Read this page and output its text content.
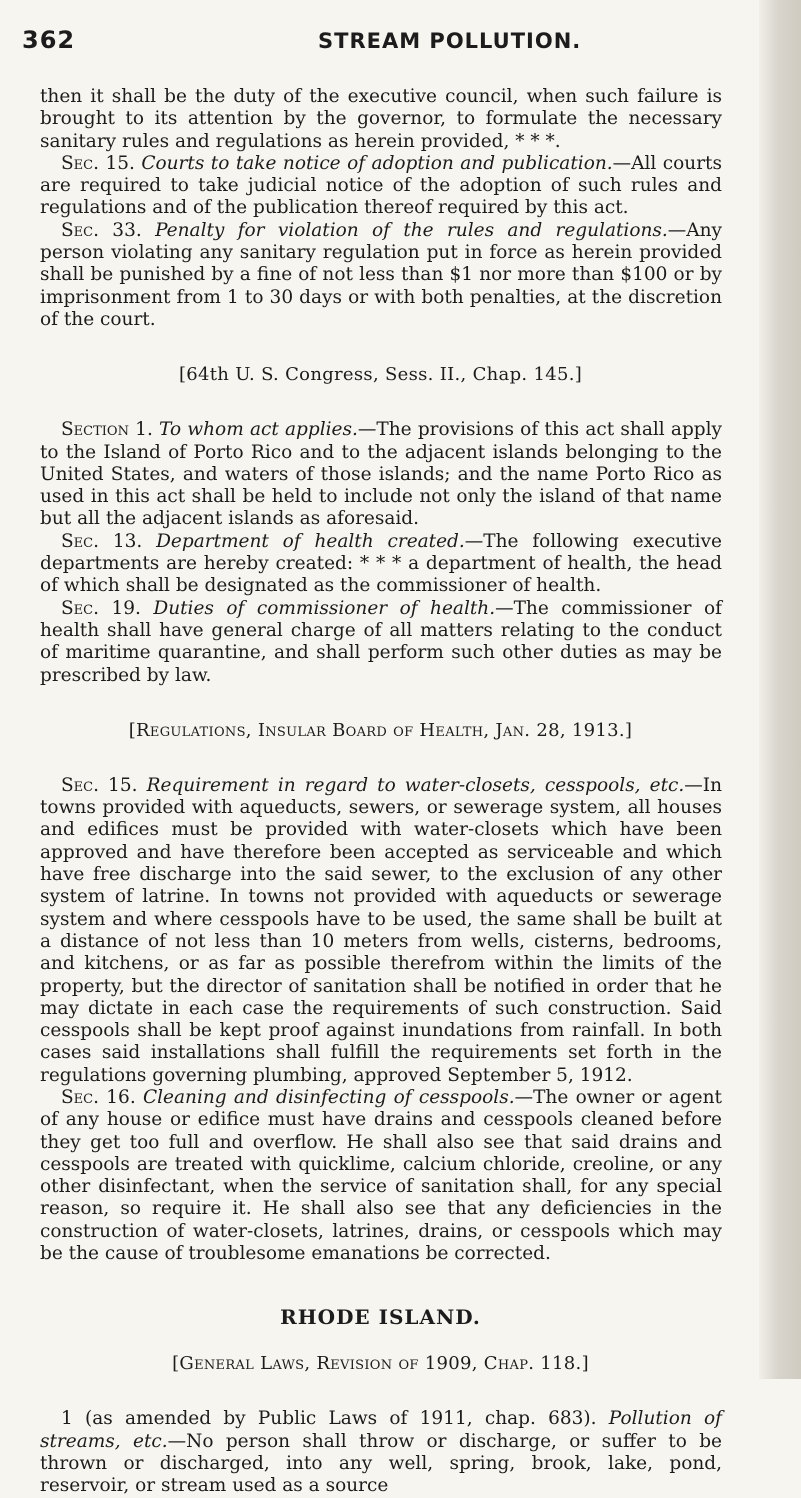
362	STREAM POLLUTION.

then it shall be the duty of the executive council, when such failure is brought to its attention by the governor, to formulate the necessary sanitary rules and regulations as herein provided, * * *.

Sec. 15. Courts to take notice of adoption and publication.—All courts are required to take judicial notice of the adoption of such rules and regulations and of the publication thereof required by this act.

Sec. 33. Penalty for violation of the rules and regulations.—Any person violating any sanitary regulation put in force as herein provided shall be punished by a fine of not less than $1 nor more than $100 or by imprisonment from 1 to 30 days or with both penalties, at the discretion of the court.

[64th U. S. Congress, Sess. II., Chap. 145.]

Section 1. To whom act applies.—The provisions of this act shall apply to the Island of Porto Rico and to the adjacent islands belonging to the United States, and waters of those islands; and the name Porto Rico as used in this act shall be held to include not only the island of that name but all the adjacent islands as aforesaid.

Sec. 13. Department of health created.—The following executive departments are hereby created: * * * a department of health, the head of which shall be designated as the commissioner of health.

Sec. 19. Duties of commissioner of health.—The commissioner of health shall have general charge of all matters relating to the conduct of maritime quarantine, and shall perform such other duties as may be prescribed by law.

[Regulations, Insular Board of Health, Jan. 28, 1913.]

Sec. 15. Requirement in regard to water-closets, cesspools, etc.—In towns provided with aqueducts, sewers, or sewerage system, all houses and edifices must be provided with water-closets which have been approved and have therefore been accepted as serviceable and which have free discharge into the said sewer, to the exclusion of any other system of latrine. In towns not provided with aqueducts or sewerage system and where cesspools have to be used, the same shall be built at a distance of not less than 10 meters from wells, cisterns, bedrooms, and kitchens, or as far as possible therefrom within the limits of the property, but the director of sanitation shall be notified in order that he may dictate in each case the requirements of such construction. Said cesspools shall be kept proof against inundations from rainfall. In both cases said installations shall fulfill the requirements set forth in the regulations governing plumbing, approved September 5, 1912.

Sec. 16. Cleaning and disinfecting of cesspools.—The owner or agent of any house or edifice must have drains and cesspools cleaned before they get too full and overflow. He shall also see that said drains and cesspools are treated with quicklime, calcium chloride, creoline, or any other disinfectant, when the service of sanitation shall, for any special reason, so require it. He shall also see that any deficiencies in the construction of water-closets, latrines, drains, or cesspools which may be the cause of troublesome emanations be corrected.

RHODE ISLAND.
[General Laws, Revision of 1909, Chap. 118.]

1 (as amended by Public Laws of 1911, chap. 683). Pollution of streams, etc.—No person shall throw or discharge, or suffer to be thrown or discharged, into any well, spring, brook, lake, pond, reservoir, or stream used as a source
